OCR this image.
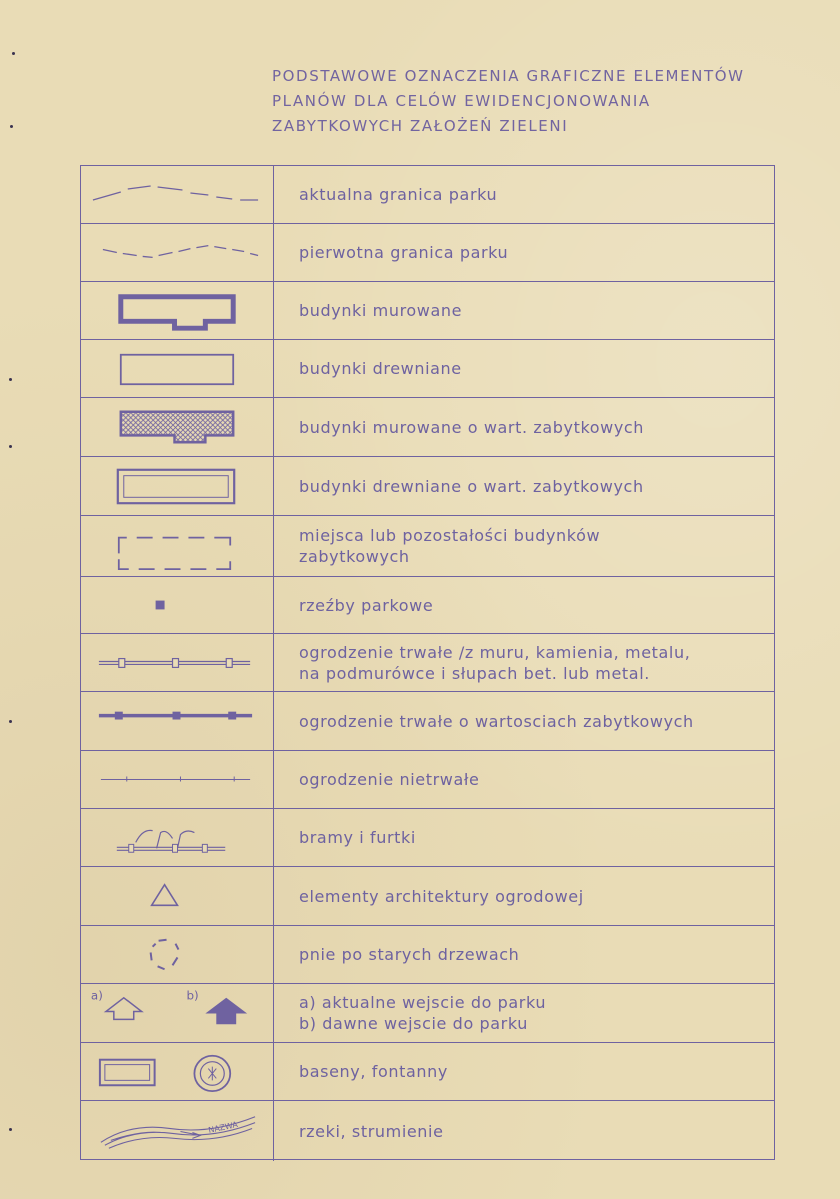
PODSTAWOWE OZNACZENIA GRAFICZNE ELEMENTÓW
PLANÓW DLA CELÓW EWIDENCJONOWANIA
ZABYTKOWYCH ZAŁOŻEŃ ZIELENI
aktualna granica parku
pierwotna granica parku
budynki murowane
budynki drewniane
budynki murowane o wart. zabytkowych
budynki drewniane o wart. zabytkowych
miejsca lub pozostałości budynków
zabytkowych
rzeźby parkowe
ogrodzenie trwałe /z muru, kamienia, metalu,
na podmurówce i słupach bet. lub metal.
ogrodzenie trwałe o wartosciach zabytkowych
ogrodzenie nietrwałe
bramy i furtki
elementy architektury ogrodowej
pnie po starych drzewach
a)	b)	a) aktualne wejscie do parku
b) dawne wejscie do parku
baseny, fontanny
NAZWA	rzeki, strumienie
